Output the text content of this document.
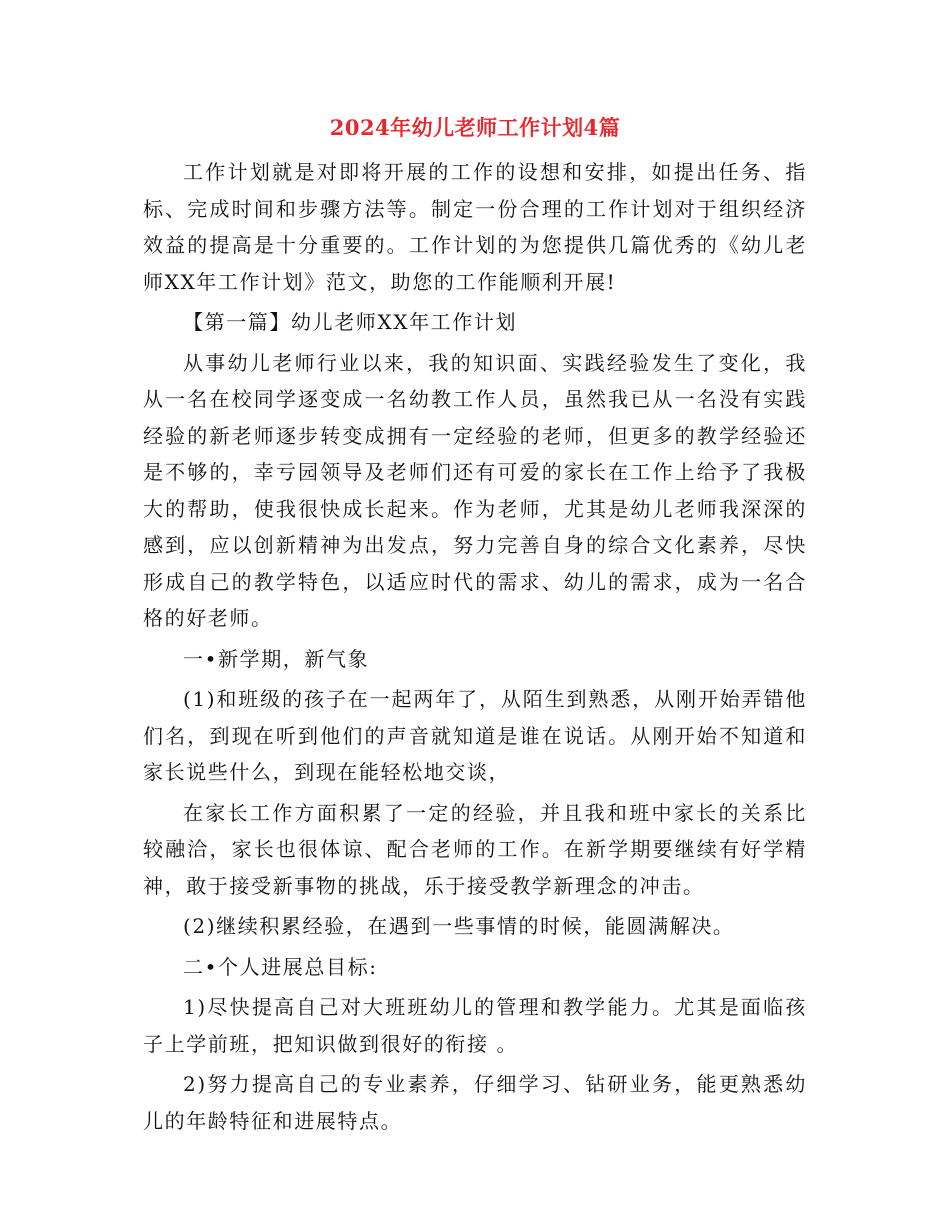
2024年幼儿老师工作计划4篇

工作计划就是对即将开展的工作的设想和安排，如提出任务、指标、完成时间和步骤方法等。制定一份合理的工作计划对于组织经济效益的提高是十分重要的。工作计划的为您提供几篇优秀的《幼儿老师XX年工作计划》范文，助您的工作能顺利开展!

【第一篇】幼儿老师XX年工作计划

从事幼儿老师行业以来，我的知识面、实践经验发生了变化，我从一名在校同学逐变成一名幼教工作人员，虽然我已从一名没有实践经验的新老师逐步转变成拥有一定经验的老师，但更多的教学经验还是不够的，幸亏园领导及老师们还有可爱的家长在工作上给予了我极大的帮助，使我很快成长起来。作为老师，尤其是幼儿老师我深深的感到，应以创新精神为出发点，努力完善自身的综合文化素养，尽快形成自己的教学特色，以适应时代的需求、幼儿的需求，成为一名合格的好老师。

一•新学期，新气象

(1)和班级的孩子在一起两年了，从陌生到熟悉，从刚开始弄错他们名，到现在听到他们的声音就知道是谁在说话。从刚开始不知道和家长说些什么，到现在能轻松地交谈，

在家长工作方面积累了一定的经验，并且我和班中家长的关系比较融洽，家长也很体谅、配合老师的工作。在新学期要继续有好学精神，敢于接受新事物的挑战，乐于接受教学新理念的冲击。

(2)继续积累经验，在遇到一些事情的时候，能圆满解决。

二•个人进展总目标:

1)尽快提高自己对大班班幼儿的管理和教学能力。尤其是面临孩子上学前班，把知识做到很好的衔接 。

2)努力提高自己的专业素养，仔细学习、钻研业务，能更熟悉幼儿的年龄特征和进展特点。
